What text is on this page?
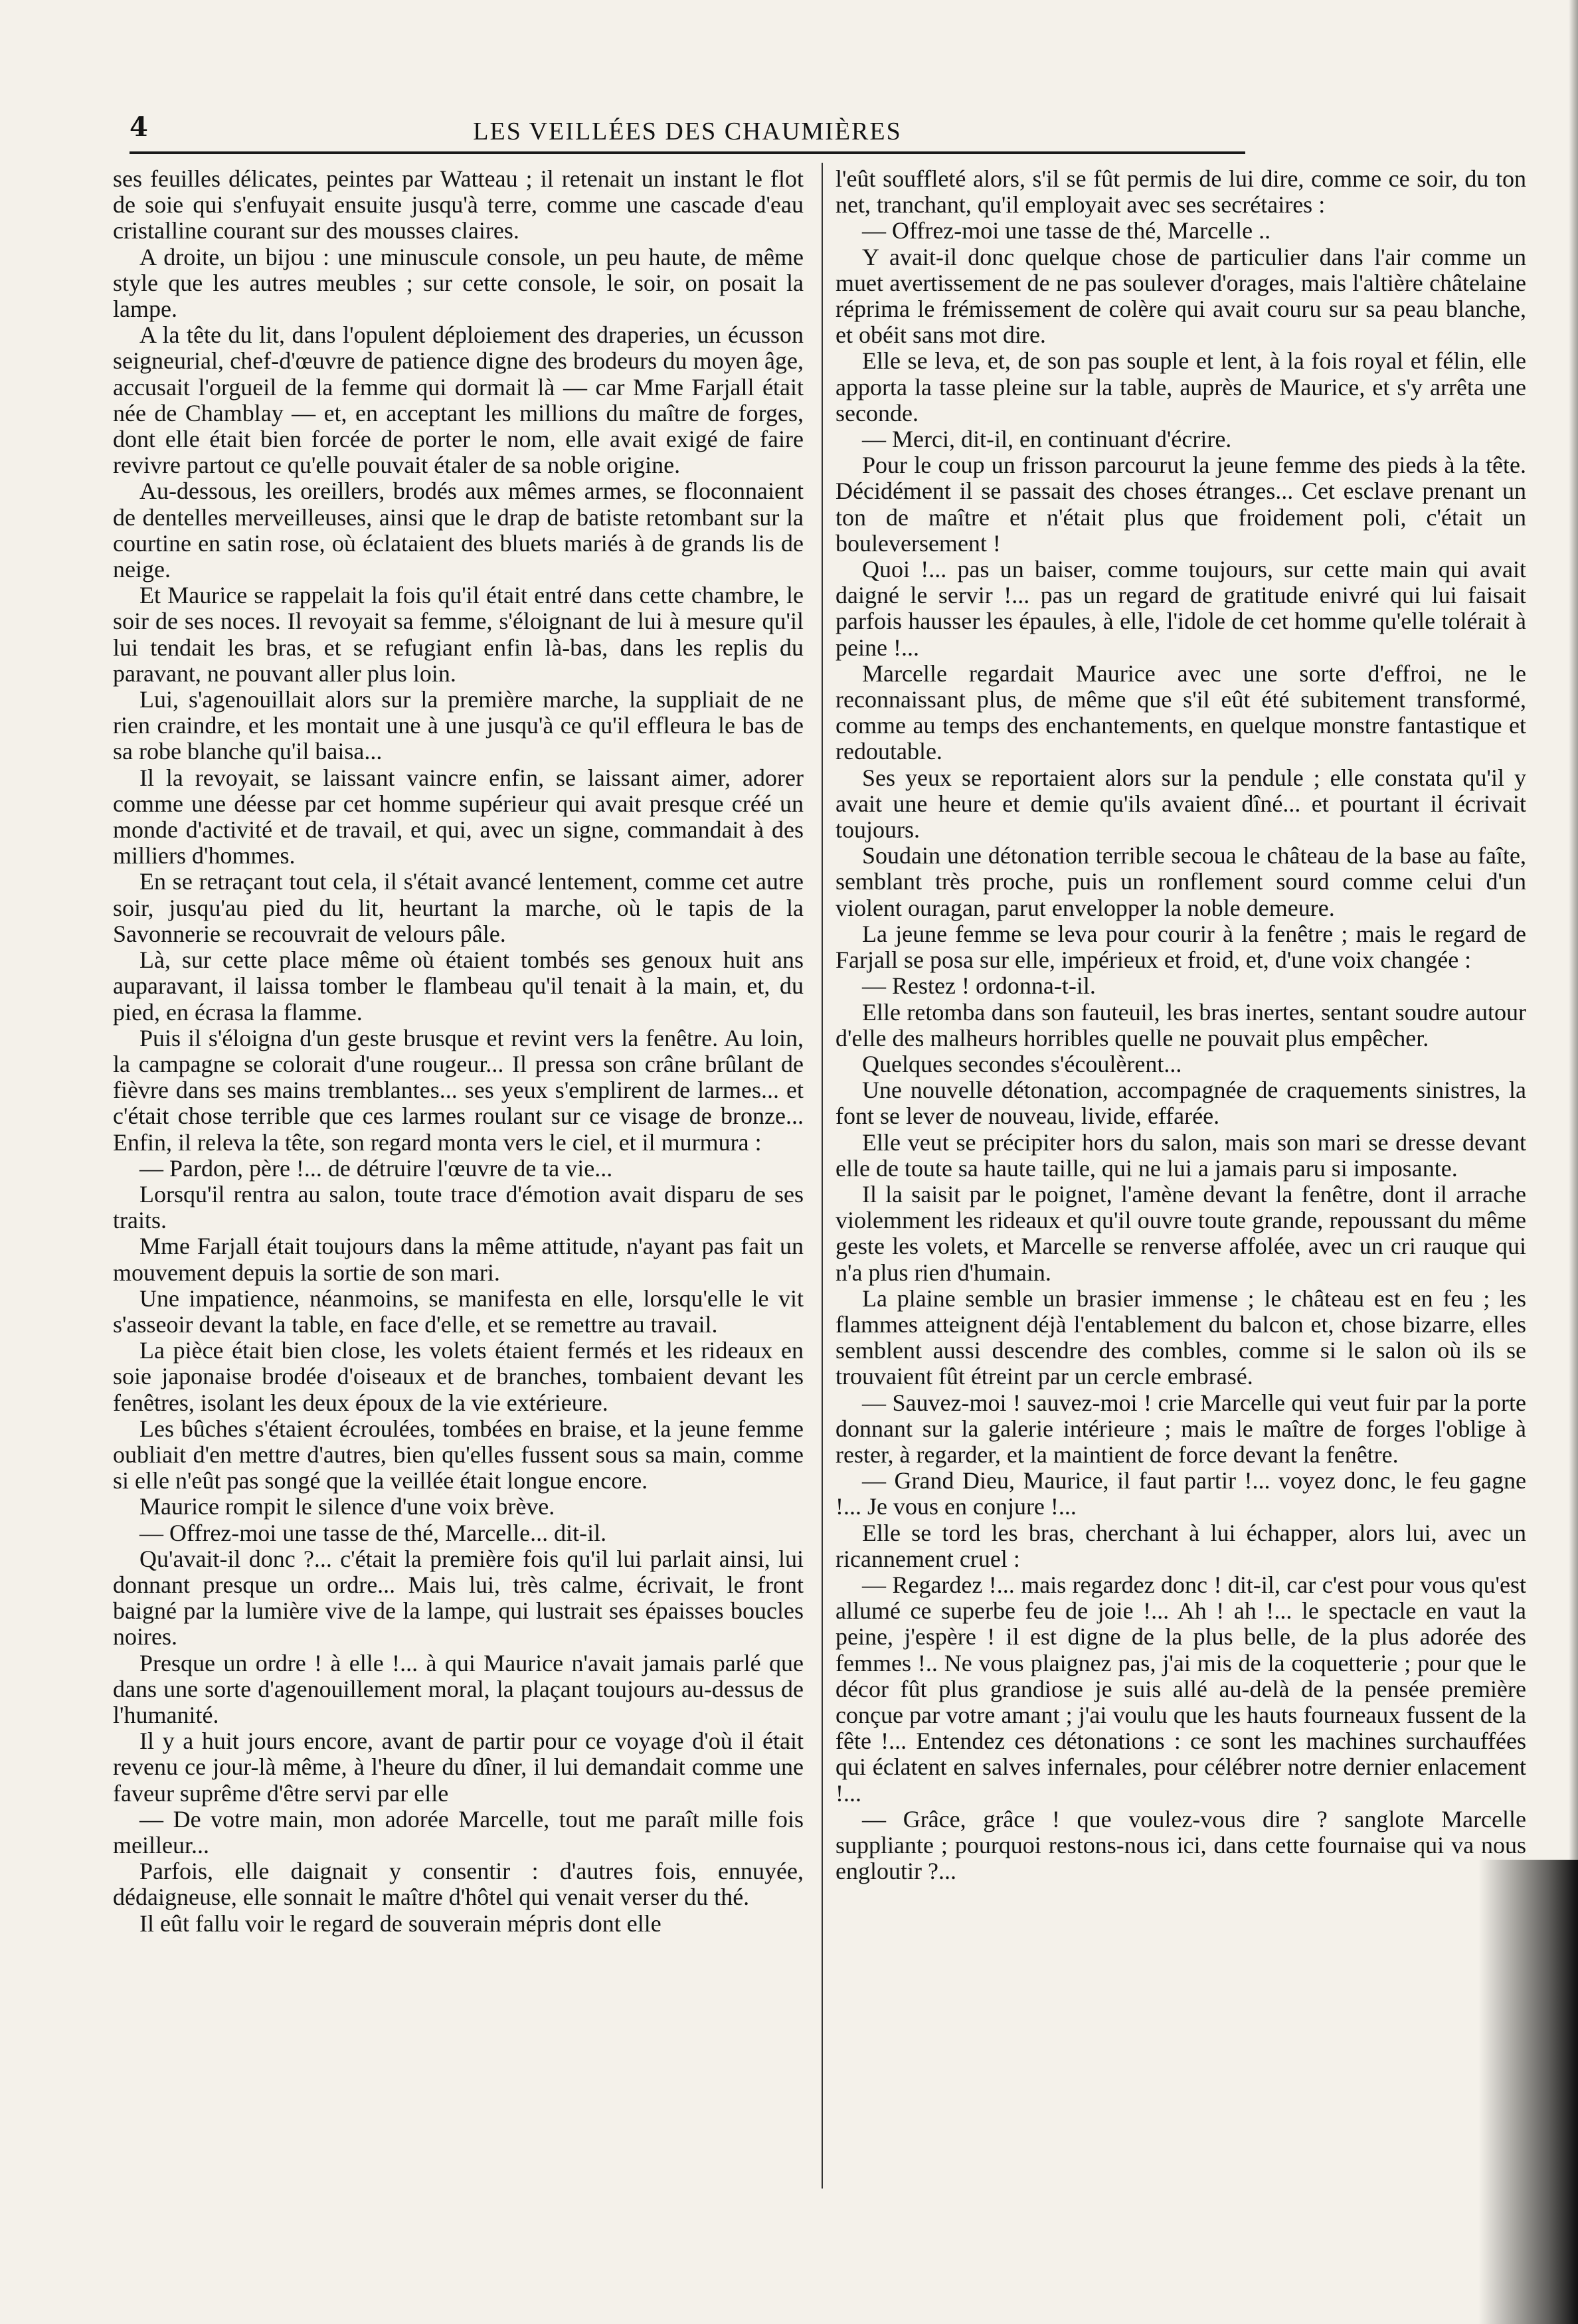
4	LES VEILLÉES DES CHAUMIÈRES

ses feuilles délicates, peintes par Watteau ; il retenait un instant le flot de soie qui s'enfuyait ensuite jusqu'à terre, comme une cascade d'eau cristalline courant sur des mousses claires.

A droite, un bijou : une minuscule console, un peu haute, de même style que les autres meubles ; sur cette console, le soir, on posait la lampe.

A la tête du lit, dans l'opulent déploiement des draperies, un écusson seigneurial, chef-d'œuvre de patience digne des brodeurs du moyen âge, accusait l'orgueil de la femme qui dormait là — car Mme Farjall était née de Chamblay — et, en acceptant les millions du maître de forges, dont elle était bien forcée de porter le nom, elle avait exigé de faire revivre partout ce qu'elle pouvait étaler de sa noble origine.

Au-dessous, les oreillers, brodés aux mêmes armes, se floconnaient de dentelles merveilleuses, ainsi que le drap de batiste retombant sur la courtine en satin rose, où éclataient des bluets mariés à de grands lis de neige.

Et Maurice se rappelait la fois qu'il était entré dans cette chambre, le soir de ses noces. Il revoyait sa femme, s'éloignant de lui à mesure qu'il lui tendait les bras, et se refugiant enfin là-bas, dans les replis du paravant, ne pouvant aller plus loin.

Lui, s'agenouillait alors sur la première marche, la suppliait de ne rien craindre, et les montait une à une jusqu'à ce qu'il effleura le bas de sa robe blanche qu'il baisa...

Il la revoyait, se laissant vaincre enfin, se laissant aimer, adorer comme une déesse par cet homme supérieur qui avait presque créé un monde d'activité et de travail, et qui, avec un signe, commandait à des milliers d'hommes.

En se retraçant tout cela, il s'était avancé lentement, comme cet autre soir, jusqu'au pied du lit, heurtant la marche, où le tapis de la Savonnerie se recouvrait de velours pâle.

Là, sur cette place même où étaient tombés ses genoux huit ans auparavant, il laissa tomber le flambeau qu'il tenait à la main, et, du pied, en écrasa la flamme.

Puis il s'éloigna d'un geste brusque et revint vers la fenêtre. Au loin, la campagne se colorait d'une rougeur... Il pressa son crâne brûlant de fièvre dans ses mains tremblantes... ses yeux s'emplirent de larmes... et c'était chose terrible que ces larmes roulant sur ce visage de bronze... Enfin, il releva la tête, son regard monta vers le ciel, et il murmura :

— Pardon, père !... de détruire l'œuvre de ta vie...

Lorsqu'il rentra au salon, toute trace d'émotion avait disparu de ses traits.

Mme Farjall était toujours dans la même attitude, n'ayant pas fait un mouvement depuis la sortie de son mari.

Une impatience, néanmoins, se manifesta en elle, lorsqu'elle le vit s'asseoir devant la table, en face d'elle, et se remettre au travail.

La pièce était bien close, les volets étaient fermés et les rideaux en soie japonaise brodée d'oiseaux et de branches, tombaient devant les fenêtres, isolant les deux époux de la vie extérieure.

Les bûches s'étaient écroulées, tombées en braise, et la jeune femme oubliait d'en mettre d'autres, bien qu'elles fussent sous sa main, comme si elle n'eût pas songé que la veillée était longue encore.

Maurice rompit le silence d'une voix brève.

— Offrez-moi une tasse de thé, Marcelle... dit-il.

Qu'avait-il donc ?... c'était la première fois qu'il lui parlait ainsi, lui donnant presque un ordre... Mais lui, très calme, écrivait, le front baigné par la lumière vive de la lampe, qui lustrait ses épaisses boucles noires.

Presque un ordre ! à elle !... à qui Maurice n'avait jamais parlé que dans une sorte d'agenouillement moral, la plaçant toujours au-dessus de l'humanité.

Il y a huit jours encore, avant de partir pour ce voyage d'où il était revenu ce jour-là même, à l'heure du dîner, il lui demandait comme une faveur suprême d'être servi par elle

— De votre main, mon adorée Marcelle, tout me paraît mille fois meilleur...

Parfois, elle daignait y consentir : d'autres fois, ennuyée, dédaigneuse, elle sonnait le maître d'hôtel qui venait verser du thé.

Il eût fallu voir le regard de souverain mépris dont elle

l'eût souffleté alors, s'il se fût permis de lui dire, comme ce soir, du ton net, tranchant, qu'il employait avec ses secrétaires :

— Offrez-moi une tasse de thé, Marcelle ..

Y avait-il donc quelque chose de particulier dans l'air comme un muet avertissement de ne pas soulever d'orages, mais l'altière châtelaine réprima le frémissement de colère qui avait couru sur sa peau blanche, et obéit sans mot dire.

Elle se leva, et, de son pas souple et lent, à la fois royal et félin, elle apporta la tasse pleine sur la table, auprès de Maurice, et s'y arrêta une seconde.

— Merci, dit-il, en continuant d'écrire.

Pour le coup un frisson parcourut la jeune femme des pieds à la tête. Décidément il se passait des choses étranges... Cet esclave prenant un ton de maître et n'était plus que froidement poli, c'était un bouleversement !

Quoi !... pas un baiser, comme toujours, sur cette main qui avait daigné le servir !... pas un regard de gratitude enivré qui lui faisait parfois hausser les épaules, à elle, l'idole de cet homme qu'elle tolérait à peine !...

Marcelle regardait Maurice avec une sorte d'effroi, ne le reconnaissant plus, de même que s'il eût été subitement transformé, comme au temps des enchantements, en quelque monstre fantastique et redoutable.

Ses yeux se reportaient alors sur la pendule ; elle constata qu'il y avait une heure et demie qu'ils avaient dîné... et pourtant il écrivait toujours.

Soudain une détonation terrible secoua le château de la base au faîte, semblant très proche, puis un ronflement sourd comme celui d'un violent ouragan, parut envelopper la noble demeure.

La jeune femme se leva pour courir à la fenêtre ; mais le regard de Farjall se posa sur elle, impérieux et froid, et, d'une voix changée :

— Restez ! ordonna-t-il.

Elle retomba dans son fauteuil, les bras inertes, sentant soudre autour d'elle des malheurs horribles quelle ne pouvait plus empêcher.

Quelques secondes s'écoulèrent...

Une nouvelle détonation, accompagnée de craquements sinistres, la font se lever de nouveau, livide, effarée.

Elle veut se précipiter hors du salon, mais son mari se dresse devant elle de toute sa haute taille, qui ne lui a jamais paru si imposante.

Il la saisit par le poignet, l'amène devant la fenêtre, dont il arrache violemment les rideaux et qu'il ouvre toute grande, repoussant du même geste les volets, et Marcelle se renverse affolée, avec un cri rauque qui n'a plus rien d'humain.

La plaine semble un brasier immense ; le château est en feu ; les flammes atteignent déjà l'entablement du balcon et, chose bizarre, elles semblent aussi descendre des combles, comme si le salon où ils se trouvaient fût étreint par un cercle embrasé.

— Sauvez-moi ! sauvez-moi ! crie Marcelle qui veut fuir par la porte donnant sur la galerie intérieure ; mais le maître de forges l'oblige à rester, à regarder, et la maintient de force devant la fenêtre.

— Grand Dieu, Maurice, il faut partir !... voyez donc, le feu gagne !... Je vous en conjure !...

Elle se tord les bras, cherchant à lui échapper, alors lui, avec un ricannement cruel :

— Regardez !... mais regardez donc ! dit-il, car c'est pour vous qu'est allumé ce superbe feu de joie !... Ah ! ah !... le spectacle en vaut la peine, j'espère ! il est digne de la plus belle, de la plus adorée des femmes !.. Ne vous plaignez pas, j'ai mis de la coquetterie ; pour que le décor fût plus grandiose je suis allé au-delà de la pensée première conçue par votre amant ; j'ai voulu que les hauts fourneaux fussent de la fête !... Entendez ces détonations : ce sont les machines surchauffées qui éclatent en salves infernales, pour célébrer notre dernier enlacement !...

— Grâce, grâce ! que voulez-vous dire ? sanglote Marcelle suppliante ; pourquoi restons-nous ici, dans cette fournaise qui va nous engloutir ?...
